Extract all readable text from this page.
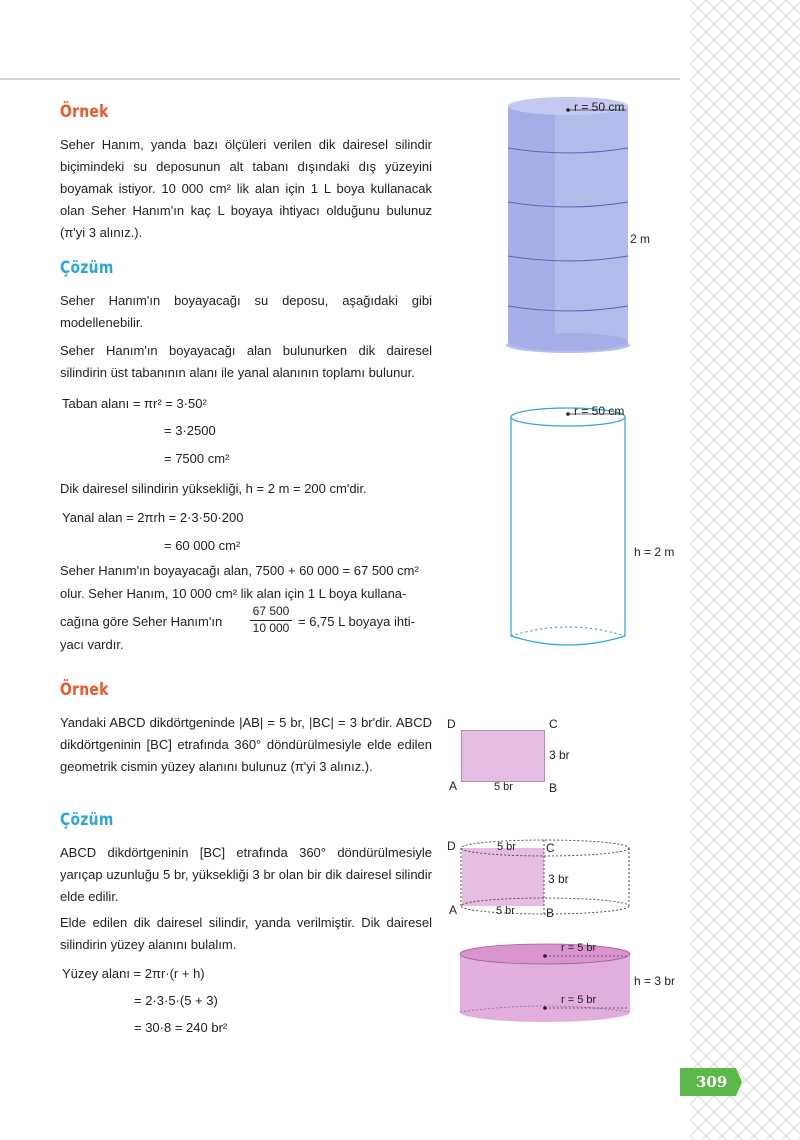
Örnek
Seher Hanım, yanda bazı ölçüleri verilen dik dairesel silindir biçimindeki su deposunun alt tabanı dışındaki dış yüzeyini boyamak istiyor. 10 000 cm² lik alan için 1 L boya kullanacak olan Seher Hanım'ın kaç L boyaya ihtiyacı olduğunu bulunuz (π'yi 3 alınız.).
Çözüm
Seher Hanım'ın boyayacağı su deposu, aşağıdaki gibi modellenebilir.
Seher Hanım'ın boyayacağı alan bulunurken dik dairesel silindirin üst tabanının alanı ile yanal alanının toplamı bulunur.
Taban alanı = πr² = 3·50²
= 3·2500
= 7500 cm²
Dik dairesel silindirin yüksekliği, h = 2 m = 200 cm'dir.
Yanal alan = 2πrh = 2·3·50·200
= 60 000 cm²
Seher Hanım'ın boyayacağı alan, 7500 + 60 000 = 67 500 cm²
olur. Seher Hanım, 10 000 cm² lik alan için 1 L boya kullana-
cağına göre Seher Hanım'ın
67 500
10 000 = 6,75 L boyaya ihti-
yacı vardır.
r = 50 cm
2 m
r = 50 cm
h = 2 m
Örnek
Yandaki ABCD dikdörtgeninde |AB| = 5 br, |BC| = 3 br'dir. ABCD dikdörtgeninin [BC] etrafında 360° döndürülmesiyle elde edilen geometrik cismin yüzey alanını bulunuz (π'yi 3 alınız.).
Çözüm
ABCD dikdörtgeninin [BC] etrafında 360° döndürülmesiyle yarıçap uzunluğu 5 br, yüksekliği 3 br olan bir dik dairesel silindir elde edilir.
Elde edilen dik dairesel silindir, yanda verilmiştir. Dik dairesel silindirin yüzey alanını bulalım.
Yüzey alanı = 2πr·(r + h)
= 2·3·5·(5 + 3)
= 30·8 = 240 br²
D	C
A	B
3 br
5 br
D	C
A	B
5 br
5 br
3 br
r = 5 br
r = 5 br
h = 3 br
309
